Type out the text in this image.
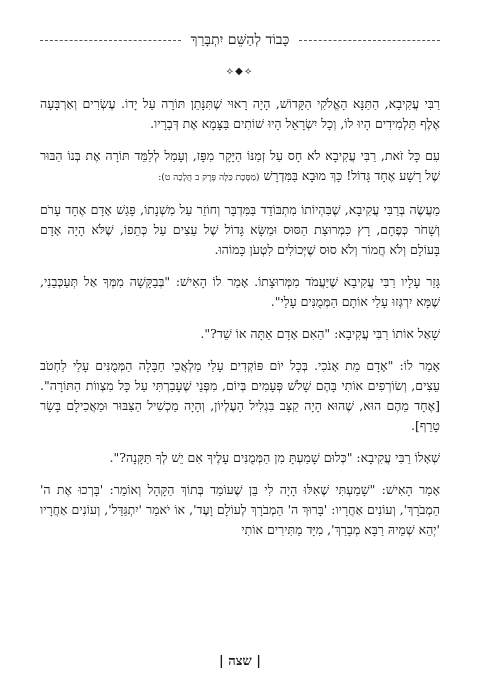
כָּבוֹד לְהַשֵּׁם יִתְבָּרַךְ
⟡◆⟡

רַבִּי עֲקִיבָא, הַתַּנָּא הָאֱלֹקִי הַקָּדוֹשׁ, הָיָה רָאוּי שֶׁתִּנָּתֵן תּוֹרָה עַל יָדוֹ. עֶשְׂרִים וְאַרְבָּעָה אֶלֶף תַּלְמִידִים הָיוּ לוֹ, וְכָל יִשְׂרָאֵל הָיוּ שׁוֹתִים בַּצָּמָא אֶת דְּבָרָיו.

עִם כָּל זֹאת, רַבִּי עֲקִיבָא לֹא חָס עַל זְמַנּוֹ הַיָּקָר מִפָּז, וְעָמַל לְלַמֵּד תּוֹרָה אֶת בְּנוֹ הַבּוּר שֶׁל רָשָׁע אֶחָד גָּדוֹל! כָּךְ מוּבָא בַּמִּדְרָשׁ (מַסֶּכֶת כַּלָּה פֶּרֶק ב הֲלָכָה ט):

מַעֲשֶׂה בְּרַבִּי עֲקִיבָא, שֶׁבִּהְיוֹתוֹ מִתְבּוֹדֵד בַּמִּדְבָּר וְחוֹזֵר עַל מִשְׁנָתוֹ, פָּגַשׁ אָדָם אֶחָד עָרֹם וְשָׁחֹר כְּפֶחָם, רָץ כִּמְרוּצַת הַסּוּס וּמַשָּׂא גָּדוֹל שֶׁל עֵצִים עַל כְּתֵפוֹ, שֶׁלֹּא הָיָה אָדָם בָּעוֹלָם וְלֹא חֲמוֹר וְלֹא סוּס שֶׁיְּכוֹלִים לִטְעֹן כָּמוֹהוּ.

גָּזַר עָלָיו רַבִּי עֲקִיבָא שֶׁיַּעֲמֹד מִמְּרוּצָתוֹ. אָמַר לוֹ הָאִישׁ: "בְּבַקָּשָׁה מִמְּךָ אַל תְּעַכְּבֵנִי, שֶׁמָּא יִרְגְּזוּ עָלַי אוֹתָם הַמְּמֻנִּים עָלַי".

שָׁאַל אוֹתוֹ רַבִּי עֲקִיבָא: "הַאִם אָדָם אַתָּה אוֹ שֵׁד?".

אָמַר לוֹ: "אָדָם מֵת אָנֹכִי. בְּכָל יוֹם פּוֹקְדִים עָלַי מַלְאֲכֵי חַבָּלָה הַמְּמֻנִּים עָלַי לַחְטֹב עֵצִים, וְשׂוֹרְפִים אוֹתִי בָּהֶם שָׁלֹשׁ פְּעָמִים בְּיוֹם, מִפְּנֵי שֶׁעָבַרְתִּי עַל כָּל מִצְווֹת הַתּוֹרָה". [אֶחָד מֵהֶם הוּא, שֶׁהוּא הָיָה קַצָּב בִּגְלִיל הָעֶלְיוֹן, וְהָיָה מַכְשִׁיל הַצִּבּוּר וּמַאֲכִילָם בָּשָׂר טָרֵף].

שְׁאָלוֹ רַבִּי עֲקִיבָא: "כְּלוּם שָׁמַעְתָּ מִן הַמְּמֻנִּים עָלֶיךָ אִם יֵשׁ לְךָ תַּקָּנָה?".

אָמַר הָאִישׁ: "שָׁמַעְתִּי שֶׁאִלּוּ הָיָה לִי בֵּן שֶׁעוֹמֵד בְּתוֹךְ הַקָּהָל וְאוֹמֵר: 'בָּרְכוּ אֶת ה' הַמְבֹרָךְ', וְעוֹנִים אַחֲרָיו: 'בָּרוּךְ ה' הַמְבֹרָךְ לְעוֹלָם וָעֶד', אוֹ יֹאמַר 'יִתְגַּדַּל', וְעוֹנִים אַחֲרָיו 'יְהֵא שְׁמֵיהּ רַבָּא מְבָרַךְ', מִיָּד מַתִּירִים אוֹתִי

| שצה |
